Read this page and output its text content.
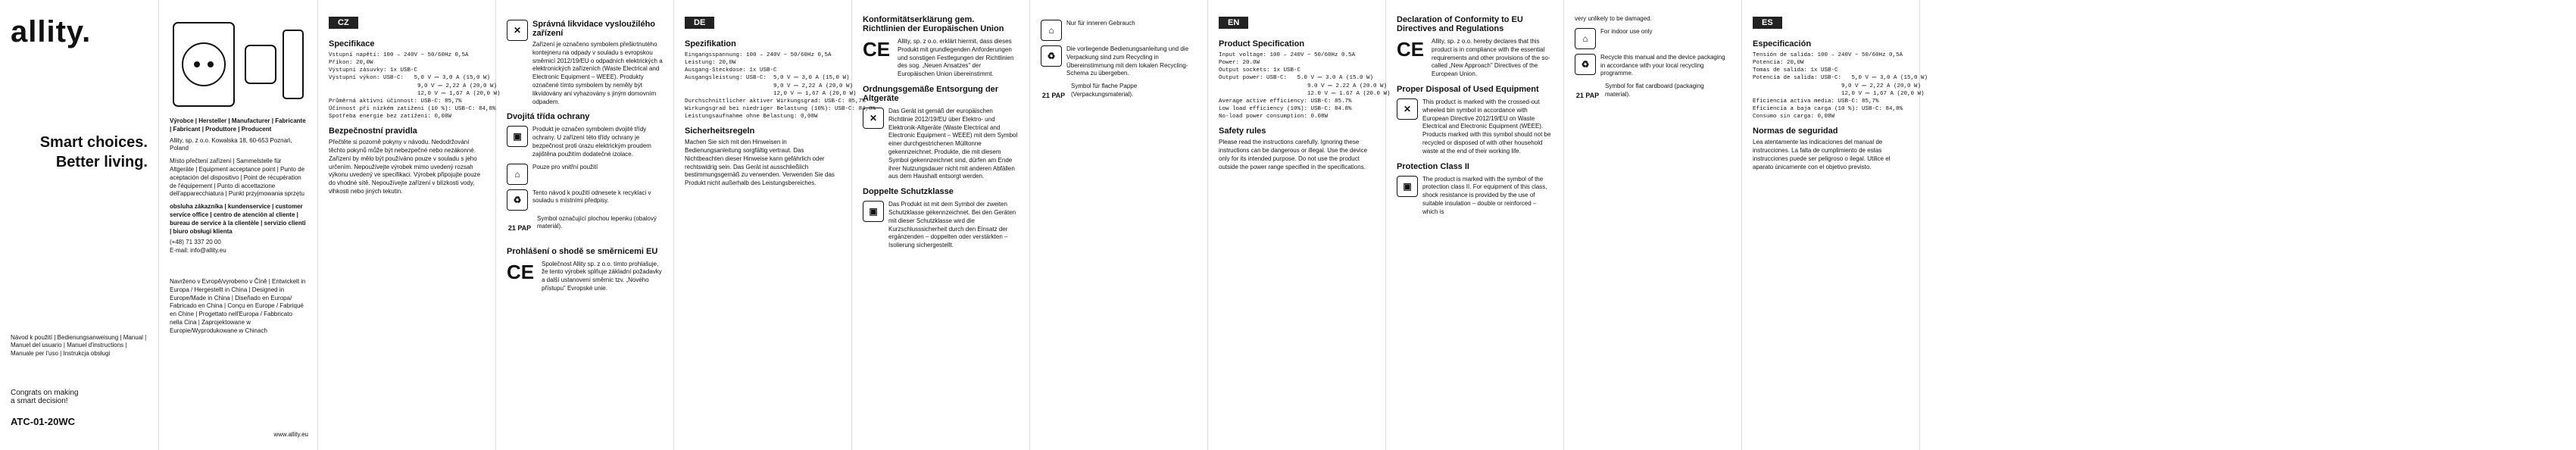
allity.
Smart choices.
Better living.
Návod k použití | Bedienungsanweisung | Manual | Manuel del usuario | Manuel d'instructions | Manuale per l'uso | Instrukcja obsługi
Congrats on making
a smart decision!
ATC-01-20WC
Výrobce | Hersteller | Manufacturer | Fabricante | Fabricant | Produttore | Producent
Allity, sp. z o.o. Kowalska 18, 60-653 Poznań, Poland
Místo přečtení zařízení | Sammelstelle für Altgeräte | Equipment acceptance point | Punto de aceptación del dispositivo | Point de récupération de l'équipement | Punto di accettazione dell'apparecchiatura | Punkt przyjmowania sprzętu
obsluha zákazníka | kundenservice | customer service office | centro de atención al cliente | bureau de service à la clientèle | servizio clienti | biuro obsługi klienta
(+48) 71 337 20 00
E-mail: info@allity.eu
Navrženo v Evropě/vyrobeno v Číně | Entwickelt in Europa / Hergestellt in China | Designed in Europe/Made in China | Diseñado en Europa/ Fabricado en China | Conçu en Europe / Fabriqué en Chine | Progettato nell'Europa / Fabbricato nella Cina | Zaprojektowane w Europie/Wyprodukowane w Chinach
www.allity.eu
CZ
Specifikace
Vstupní napětí: 100 – 240V ~ 50/60Hz 0,5A
Příkon: 20,0W
Výstupní zásuvky: 1x USB-C
Výstupní výkon: USB-C:   5,0 V ⎓ 3,0 A (15,0 W)
9,0 V ⎓ 2,22 A (20,0 W)
12,0 V ⎓ 1,67 A (20,0 W)
Průměrná aktivní účinnost: USB-C: 85,7%
Účinnost při nízkém zatížení (10 %): USB-C: 84,8%
Spotřeba energie bez zatížení: 0,08W
Bezpečnostní pravidla
Přečtěte si pozorně pokyny v návodu. Nedodržování těchto pokynů může být nebezpečné nebo nezákonné. Zařízení by mělo být používáno pouze v souladu s jeho určením. Nepoužívejte výrobek mimo uvedený rozsah výkonu uvedený ve specifikaci. Výrobek připojujte pouze do vhodné sítě. Nepoužívejte zařízení v blízkosti vody, vlhkosti nebo jiných tekutin.
✕
Správná likvidace vysloužilého zařízení
Zařízení je označeno symbolem přeškrtnutého kontejneru na odpady v souladu s evropskou směrnicí 2012/19/EU o odpadních elektrických a elektronických zařízeních (Waste Electrical and Electronic Equipment – WEEE). Produkty označené tímto symbolem by neměly být likvidovány ani vyhazovány s jiným domovním odpadem.
Dvojitá třída ochrany
▣
Produkt je označen symbolem dvojité třídy ochrany. U zařízení této třídy ochrany je bezpečnost proti úrazu elektrickým proudem zajištěna použitím dodatečné izolace.
⌂
Pouze pro vnitřní použití
♻
Tento návod k použití odnesete k recyklaci v souladu s místními předpisy.
21
PAP
Symbol označující plochou lepenku (obalový materiál).
Prohlášení o shodě se směrnicemi EU
CE	Společnost Allity sp. z o.o. tímto prohlašuje, že tento výrobek splňuje základní požadavky a další ustanovení směrnic tzv. „Nového přístupu" Evropské unie.
DE
Spezifikation
Eingangsspannung: 100 – 240V ~ 50/60Hz 0,5A
Leistung: 20,0W
Ausgang-Steckdose: 1x USB-C
Ausgangsleistung: USB-C:  5,0 V ⎓ 3,0 A (15,0 W)
9,0 V ⎓ 2,22 A (20,0 W)
12,0 V ⎓ 1,67 A (20,0 W)
Durchschnittlicher aktiver Wirkungsgrad: USB-C: 85,7%
Wirkungsgrad bei niedriger Belastung (10%): USB-C: 84,8%
Leistungsaufnahme ohne Belastung: 0,08W
Sicherheitsregeln
Machen Sie sich mit den Hinweisen in Bedienungsanleitung sorgfältig vertraut. Das Nichtbeachten dieser Hinweise kann gefährlich oder rechtswidrig sein. Das Gerät ist ausschließlich bestimmungsgemäß zu verwenden. Verwenden Sie das Produkt nicht außerhalb des Leistungsbereiches.
Konformitätserklärung gem. Richtlinien der Europäischen Union
CE	Allity, sp. z o.o. erklärt hiermit, dass dieses Produkt mit grundlegenden Anforderungen und sonstigen Festlegungen der Richtlinien des sog. „Neuen Ansatzes" der Europäischen Union übereinstimmt.
Ordnungsgemäße Entsorgung der Altgeräte
✕
Das Gerät ist gemäß der europäischen Richtlinie 2012/19/EU über Elektro- und Elektronik-Altgeräte (Waste Electrical and Electronic Equipment – WEEE) mit dem Symbol einer durchgestrichenen Mülltonne gekennzeichnet. Produkte, die mit diesem Symbol gekennzeichnet sind, dürfen am Ende ihrer Nutzungsdauer nicht mit anderen Abfällen aus dem Haushalt entsorgt werden.
Doppelte Schutzklasse
▣
Das Produkt ist mit dem Symbol der zweiten Schutzklasse gekennzeichnet. Bei den Geräten mit dieser Schutzklasse wird die Kurzschlusssicherheit durch den Einsatz der ergänzenden – doppelten oder verstärkten – Isolierung sichergestellt.
⌂
Nur für inneren Gebrauch
♻
Die vorliegende Bedienungsanleitung und die Verpackung sind zum Recycling in Übereinstimmung mit dem lokalen Recycling-Schema zu übergeben.
21 PAP
Symbol für flache Pappe (Verpackungsmaterial).
EN
Product Specification
Input voltage: 100 – 240V ~ 50/60Hz 0.5A
Power: 20.0W
Output sockets: 1x USB-C
Output power: USB-C:   5.0 V ⎓ 3.0 A (15.0 W)
9.0 V ⎓ 2.22 A (20.0 W)
12.0 V ⎓ 1.67 A (20.0 W)
Average active efficiency: USB-C: 85.7%
Low load efficiency (10%): USB-C: 84.8%
No-load power consumption: 0.08W
Safety rules
Please read the instructions carefully. Ignoring these instructions can be dangerous or illegal. Use the device only for its intended purpose. Do not use the product outside the power range specified in the specifications.
Declaration of Conformity to EU Directives and Regulations
CE	Allity, sp. z o.o. hereby declares that this product is in compliance with the essential requirements and other provisions of the so-called „New Approach" Directives of the European Union.
Proper Disposal of Used Equipment
✕
This product is marked with the crossed-out wheeled bin symbol in accordance with European Directive 2012/19/EU on Waste Electrical and Electronic Equipment (WEEE). Products marked with this symbol should not be recycled or disposed of with other household waste at the end of their working life.
Protection Class II
▣
The product is marked with the symbol of the protection class II. For equipment of this class, shock resistance is provided by the use of suitable insulation – double or reinforced – which is
very unlikely to be damaged.
⌂
For indoor use only
♻
Recycle this manual and the device packaging in accordance with your local recycling programme.
21 PAP
Symbol for flat cardboard (packaging material).
ES
Especificación
Tensión de salida: 100 – 240V ~ 50/60Hz 0,5A
Potencia: 20,0W
Tomas de salida: 1x USB-C
Potencia de salida: USB-C:   5,0 V ⎓ 3,0 A (15,0 W)
9,0 V ⎓ 2,22 A (20,0 W)
12,0 V ⎓ 1,67 A (20,0 W)
Eficiencia activa media: USB-C: 85,7%
Eficiencia a baja carga (10 %): USB-C: 84,8%
Consumo sin carga: 0,08W
Normas de seguridad
Lea atentamente las indicaciones del manual de instrucciones. La falta de cumplimiento de estas instrucciones puede ser peligroso o ilegal. Utilice el aparato únicamente con el objetivo previsto.
